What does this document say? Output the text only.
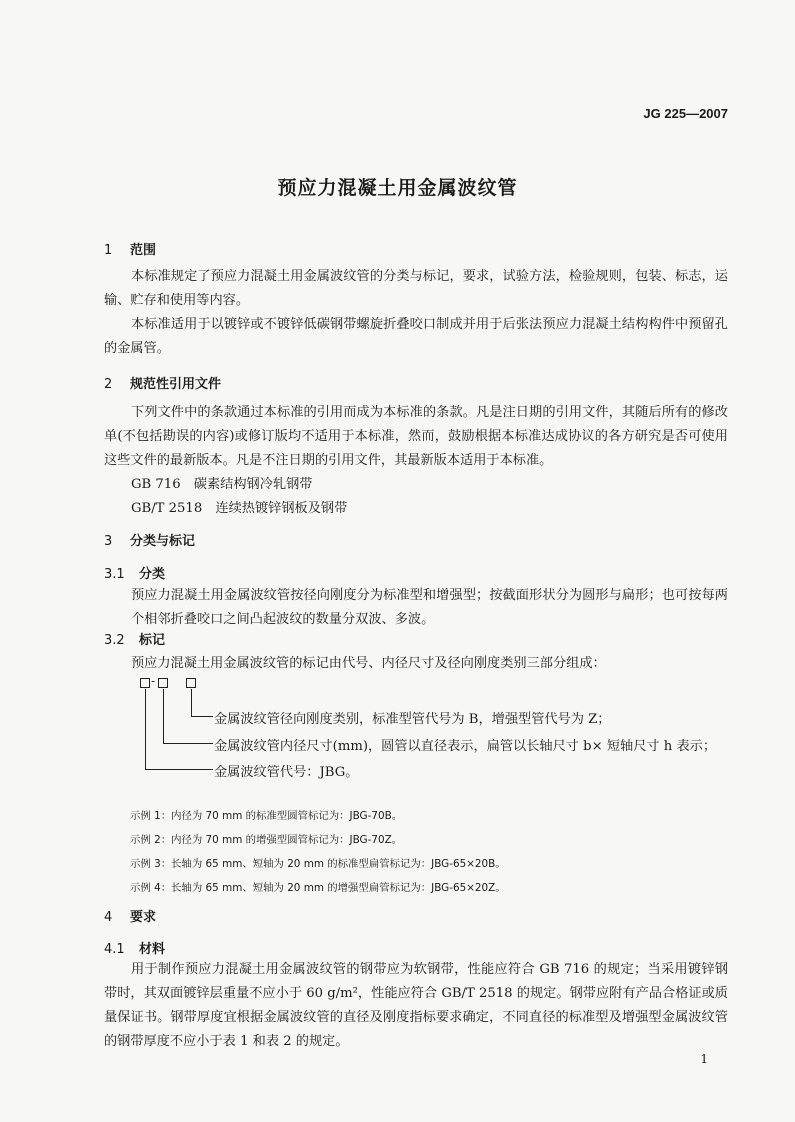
JG 225—2007
预应力混凝土用金属波纹管
1 范围
本标准规定了预应力混凝土用金属波纹管的分类与标记，要求，试验方法，检验规则，包装、标志，运输、贮存和使用等内容。
本标准适用于以镀锌或不镀锌低碳钢带螺旋折叠咬口制成并用于后张法预应力混凝土结构构件中预留孔的金属管。
2 规范性引用文件
下列文件中的条款通过本标准的引用而成为本标准的条款。凡是注日期的引用文件，其随后所有的修改单(不包括勘误的内容)或修订版均不适用于本标准，然而，鼓励根据本标准达成协议的各方研究是否可使用这些文件的最新版本。凡是不注日期的引用文件，其最新版本适用于本标准。
GB 716　碳素结构钢冷轧钢带
GB/T 2518　连续热镀锌钢板及钢带
3 分类与标记
3.1 分类
预应力混凝土用金属波纹管按径向刚度分为标准型和增强型；按截面形状分为圆形与扁形；也可按每两个相邻折叠咬口之间凸起波纹的数量分双波、多波。
3.2 标记
预应力混凝土用金属波纹管的标记由代号、内径尺寸及径向刚度类别三部分组成：
-
金属波纹管径向刚度类别，标准型管代号为 B，增强型管代号为 Z；
金属波纹管内径尺寸(mm)，圆管以直径表示，扁管以长轴尺寸 b× 短轴尺寸 h 表示；
金属波纹管代号：JBG。
示例 1：内径为 70 mm 的标准型圆管标记为：JBG-70B。
示例 2：内径为 70 mm 的增强型圆管标记为：JBG-70Z。
示例 3：长轴为 65 mm、短轴为 20 mm 的标准型扁管标记为：JBG-65×20B。
示例 4：长轴为 65 mm、短轴为 20 mm 的增强型扁管标记为：JBG-65×20Z。
4 要求
4.1 材料
用于制作预应力混凝土用金属波纹管的钢带应为软钢带，性能应符合 GB 716 的规定；当采用镀锌钢带时，其双面镀锌层重量不应小于 60 g/m²，性能应符合 GB/T 2518 的规定。钢带应附有产品合格证或质量保证书。钢带厚度宜根据金属波纹管的直径及刚度指标要求确定，不同直径的标准型及增强型金属波纹管的钢带厚度不应小于表 1 和表 2 的规定。
1
